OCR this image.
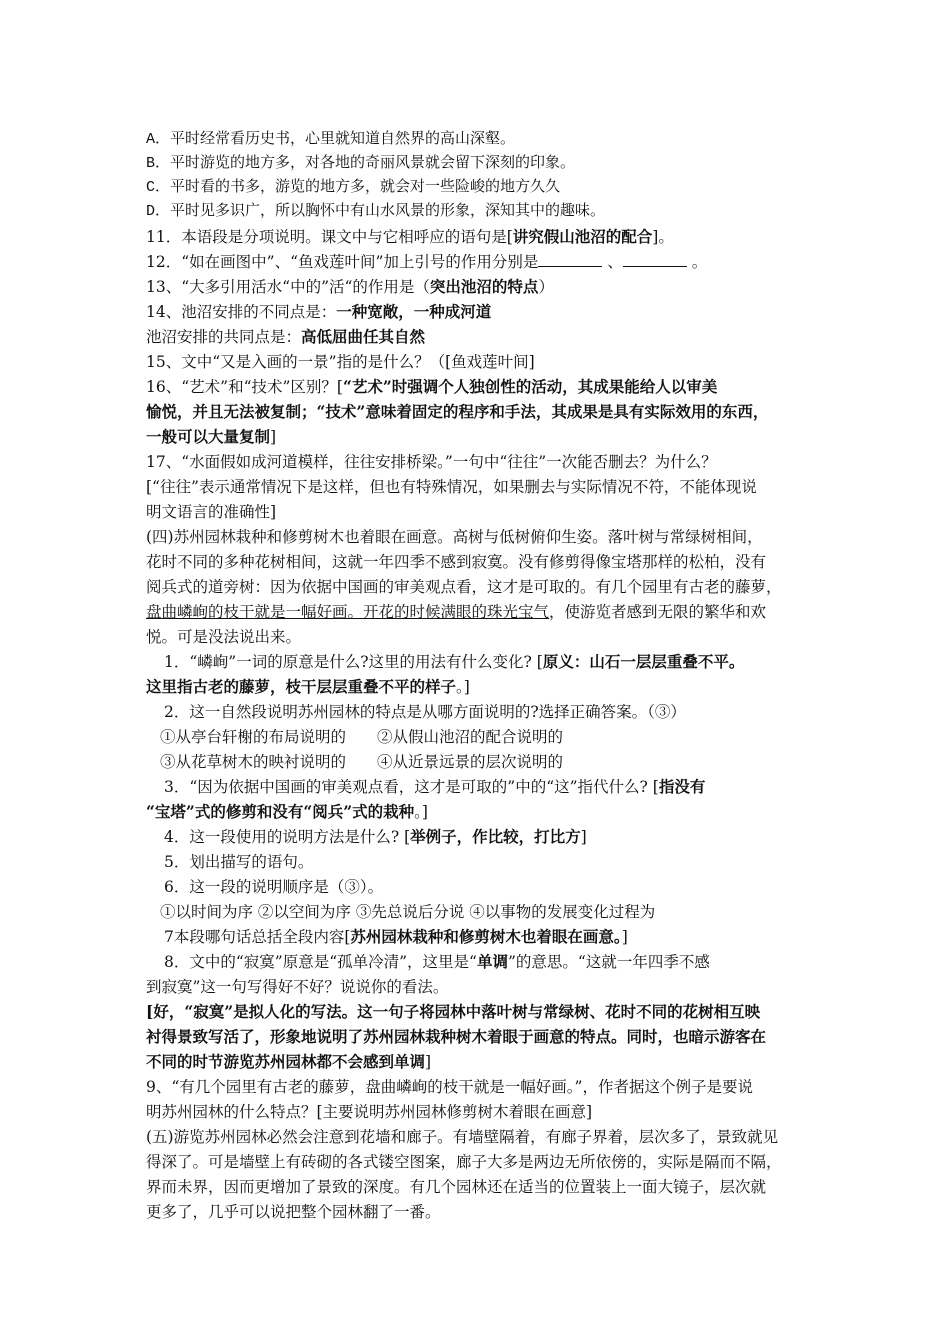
A．平时经常看历史书，心里就知道自然界的高山深壑。
B．平时游览的地方多，对各地的奇丽风景就会留下深刻的印象。
C．平时看的书多，游览的地方多，就会对一些险峻的地方久久
D．平时见多识广，所以胸怀中有山水风景的形象，深知其中的趣味。
11．本语段是分项说明。课文中与它相呼应的语句是[讲究假山池沼的配合]。
12．“如在画图中”、“鱼戏莲叶间”加上引号的作用分别是	、	。
13、“大多引用活水“中的”活“的作用是（突出池沼的特点）
14、池沼安排的不同点是：一种宽敞，一种成河道
池沼安排的共同点是：高低屈曲任其自然
15、文中“又是入画的一景”指的是什么？（[鱼戏莲叶间]
16、“艺术”和“技术”区别？[“艺术”时强调个人独创性的活动，其成果能给人以审美
愉悦，并且无法被复制；“技术”意味着固定的程序和手法，其成果是具有实际效用的东西，
一般可以大量复制]
17、“水面假如成河道模样，往往安排桥梁。”一句中“往往”一次能否删去？为什么？
[“往往”表示通常情况下是这样，但也有特殊情况，如果删去与实际情况不符，不能体现说
明文语言的准确性]
(四)苏州园林栽种和修剪树木也着眼在画意。高树与低树俯仰生姿。落叶树与常绿树相间，
花时不同的多种花树相间，这就一年四季不感到寂寞。没有修剪得像宝塔那样的松柏，没有
阅兵式的道旁树：因为依据中国画的审美观点看，这才是可取的。有几个园里有古老的藤萝，
盘曲嶙峋的枝干就是一幅好画。开花的时候满眼的珠光宝气，使游览者感到无限的繁华和欢
悦。可是没法说出来。
1．“嶙峋”一词的原意是什么?这里的用法有什么变化? [原义：山石一层层重叠不平。
这里指古老的藤萝，枝干层层重叠不平的样子。]
2．这一自然段说明苏州园林的特点是从哪方面说明的?选择正确答案。（③）
①从亭台轩榭的布局说明的　　②从假山池沼的配合说明的
③从花草树木的映衬说明的　　④从近景远景的层次说明的
3．“因为依据中国画的审美观点看，这才是可取的”中的“这”指代什么? [指没有
“宝塔”式的修剪和没有“阅兵”式的栽种。]
4．这一段使用的说明方法是什么? [举例子，作比较，打比方]
5．划出描写的语句。
6．这一段的说明顺序是（③）。
①以时间为序 ②以空间为序 ③先总说后分说 ④以事物的发展变化过程为
7本段哪句话总括全段内容[苏州园林栽种和修剪树木也着眼在画意。]
8．文中的“寂寞”原意是“孤单冷清”，这里是“单调”的意思。“这就一年四季不感
到寂寞”这一句写得好不好？说说你的看法。
[好，“寂寞”是拟人化的写法。这一句子将园林中落叶树与常绿树、花时不同的花树相互映
衬得景致写活了，形象地说明了苏州园林栽种树木着眼于画意的特点。同时，也暗示游客在
不同的时节游览苏州园林都不会感到单调]
9、“有几个园里有古老的藤萝，盘曲嶙峋的枝干就是一幅好画。”，作者据这个例子是要说
明苏州园林的什么特点？[主要说明苏州园林修剪树木着眼在画意]
(五)游览苏州园林必然会注意到花墙和廊子。有墙壁隔着，有廊子界着，层次多了，景致就见
得深了。可是墙壁上有砖砌的各式镂空图案，廊子大多是两边无所依傍的，实际是隔而不隔，
界而未界，因而更增加了景致的深度。有几个园林还在适当的位置装上一面大镜子，层次就
更多了，几乎可以说把整个园林翻了一番。
